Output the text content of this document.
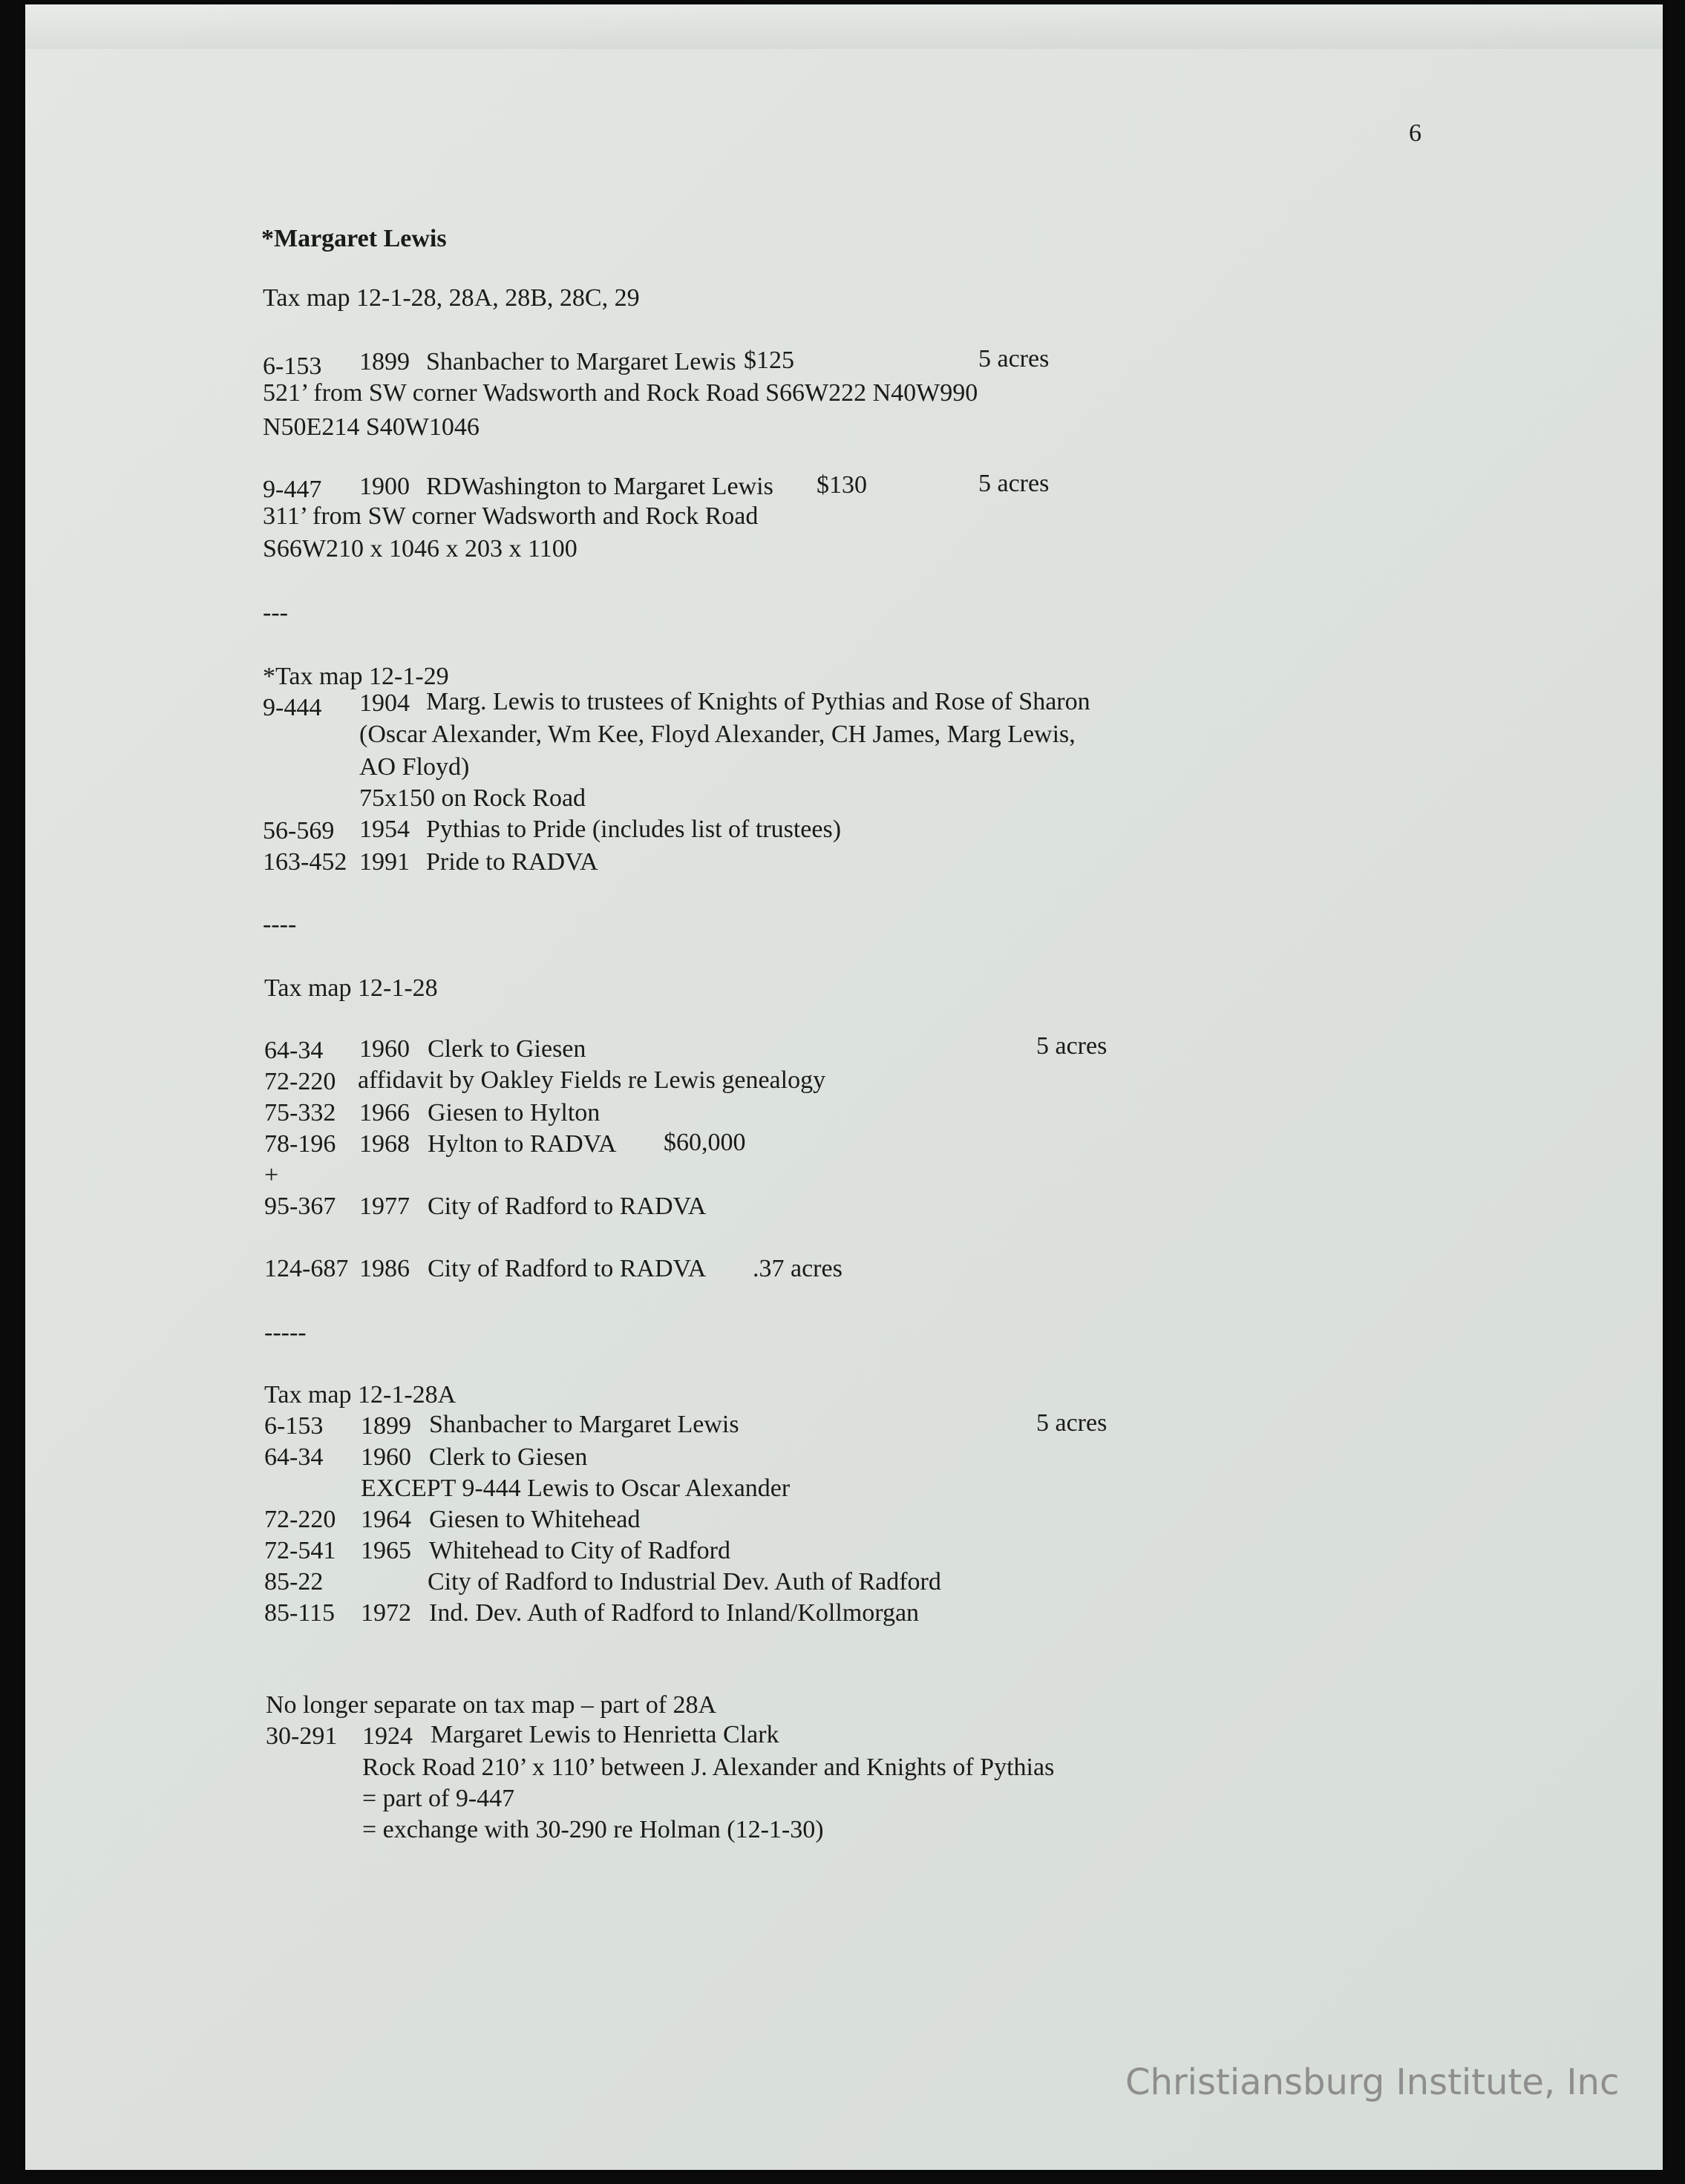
6
*Margaret Lewis
Tax map 12-1-28, 28A, 28B, 28C, 29
6-153 1899 Shanbacher to Margaret Lewis $125	5 acres
521’ from SW corner Wadsworth and Rock Road S66W222 N40W990
N50E214 S40W1046
9-447 1900 RDWashington to Margaret Lewis $130	5 acres
311’ from SW corner Wadsworth and Rock Road
S66W210 x 1046 x 203 x 1100
---
*Tax map 12-1-29
9-444 1904 Marg. Lewis to trustees of Knights of Pythias and Rose of Sharon
(Oscar Alexander, Wm Kee, Floyd Alexander, CH James, Marg Lewis,
AO Floyd)
75x150 on Rock Road
56-569 1954 Pythias to Pride (includes list of trustees)
163-452 1991 Pride to RADVA
----
Tax map 12-1-28
64-34 1960 Clerk to Giesen	5 acres
72-220 affidavit by Oakley Fields re Lewis genealogy
75-332 1966 Giesen to Hylton
78-196 1968 Hylton to RADVA $60,000
+
95-367 1977 City of Radford to RADVA
124-687 1986 City of Radford to RADVA .37 acres
-----
Tax map 12-1-28A
6-153 1899 Shanbacher to Margaret Lewis	5 acres
64-34 1960 Clerk to Giesen
EXCEPT 9-444 Lewis to Oscar Alexander
72-220 1964 Giesen to Whitehead
72-541 1965 Whitehead to City of Radford
85-22	City of Radford to Industrial Dev. Auth of Radford
85-115 1972 Ind. Dev. Auth of Radford to Inland/Kollmorgan
No longer separate on tax map – part of 28A
30-291 1924 Margaret Lewis to Henrietta Clark
Rock Road 210’ x 110’ between J. Alexander and Knights of Pythias
= part of 9-447
= exchange with 30-290 re Holman (12-1-30)
Christiansburg Institute, Inc
